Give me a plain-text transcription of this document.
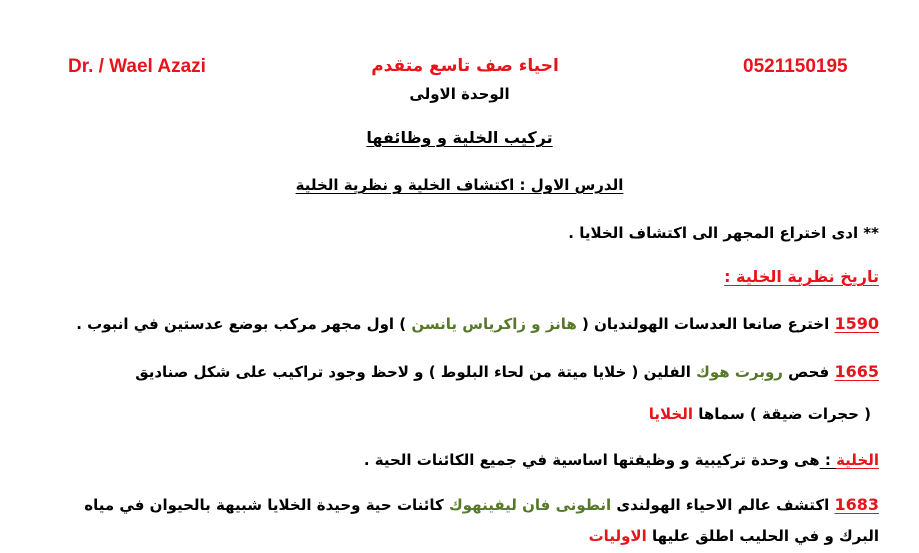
Dr. / Wael Azazi	احياء صف تاسع متقدم	0521150195
الوحدة الاولى
تركيب الخلية و وظائفها
الدرس الاول : اكتشاف الخلية و نظرية الخلية
** ادى اختراع المجهر الى اكتشاف الخلايا .
تاريخ نظرية الخلية :
1590 اخترع صانعا العدسات الهولنديان ( هانز و زاكرياس يانسن ) اول مجهر مركب بوضع عدستين في انبوب .
1665 فحص روبرت هوك الفلين ( خلايا ميتة من لحاء البلوط ) و لاحظ وجود تراكيب على شكل صناديق
( حجرات ضيقة ) سماها الخلايا
الخلية : هى وحدة تركيبية و وظيفتها اساسية في جميع الكائنات الحية .
1683 اكتشف عالم الاحياء الهولندى انطونى فان ليفينهوك كائنات حية وحيدة الخلايا شبيهة بالحيوان في مياه
البرك و في الحليب اطلق عليها الاوليات
